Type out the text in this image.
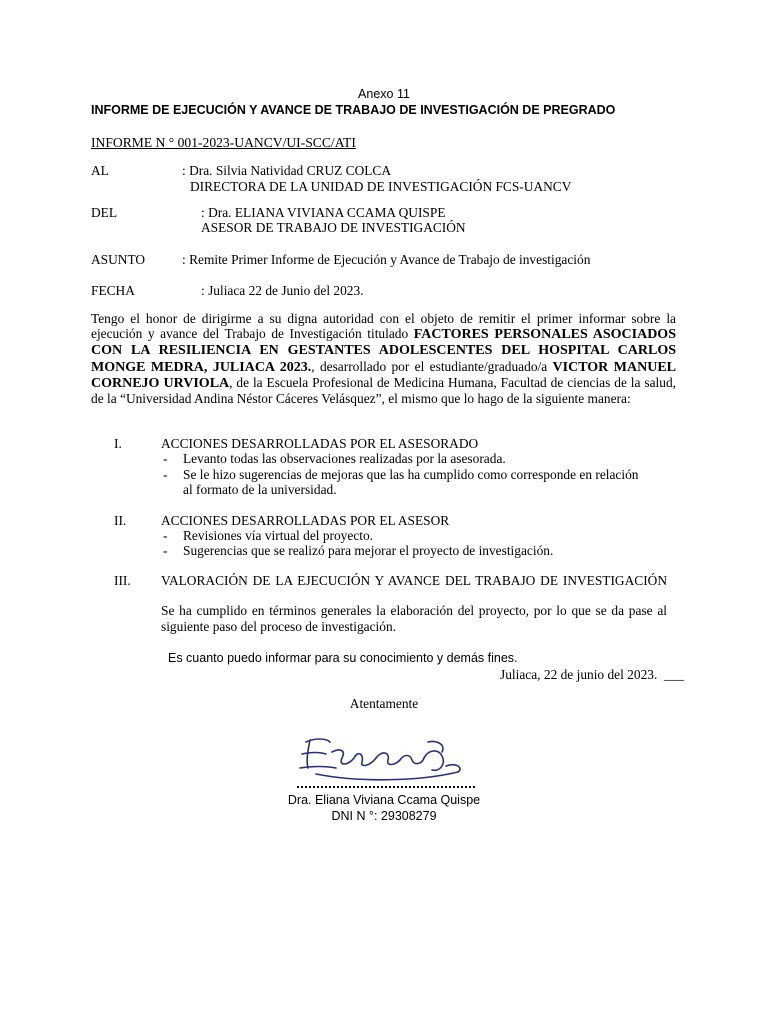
Anexo 11
INFORME DE EJECUCIÓN Y AVANCE DE TRABAJO DE INVESTIGACIÓN DE PREGRADO
INFORME N ° 001-2023-UANCV/UI-SCC/ATI
AL	: Dra. Silvia Natividad CRUZ COLCA
DIRECTORA DE LA UNIDAD DE INVESTIGACIÓN FCS-UANCV
DEL	: Dra. ELIANA VIVIANA CCAMA QUISPE
ASESOR DE TRABAJO DE INVESTIGACIÓN
ASUNTO	: Remite Primer Informe de Ejecución y Avance de Trabajo de investigación
FECHA	: Juliaca 22 de Junio del 2023.
Tengo el honor de dirigirme a su digna autoridad con el objeto de remitir el primer informar sobre la ejecución y avance del Trabajo de Investigación titulado FACTORES PERSONALES ASOCIADOS CON LA RESILIENCIA EN GESTANTES ADOLESCENTES DEL HOSPITAL CARLOS MONGE MEDRA, JULIACA 2023., desarrollado por el estudiante/graduado/a VICTOR MANUEL CORNEJO URVIOLA, de la Escuela Profesional de Medicina Humana, Facultad de ciencias de la salud, de la “Universidad Andina Néstor Cáceres Velásquez”, el mismo que lo hago de la siguiente manera:
I.	ACCIONES DESARROLLADAS POR EL ASESORADO
- Levanto todas las observaciones realizadas por la asesorada.
- Se le hizo sugerencias de mejoras que las ha cumplido como corresponde en relación
al formato de la universidad.
II.	ACCIONES DESARROLLADAS POR EL ASESOR
- Revisiones vía virtual del proyecto.
- Sugerencias que se realizó para mejorar el proyecto de investigación.
III. VALORACIÓN DE LA EJECUCIÓN Y AVANCE DEL TRABAJO DE INVESTIGACIÓN
Se ha cumplido en términos generales la elaboración del proyecto, por lo que se da pase al siguiente paso del proceso de investigación.
Es cuanto puedo informar para su conocimiento y demás fines.
Juliaca, 22 de junio del 2023. ___
Atentamente
Dra. Eliana Viviana Ccama Quispe
DNI N °: 29308279
